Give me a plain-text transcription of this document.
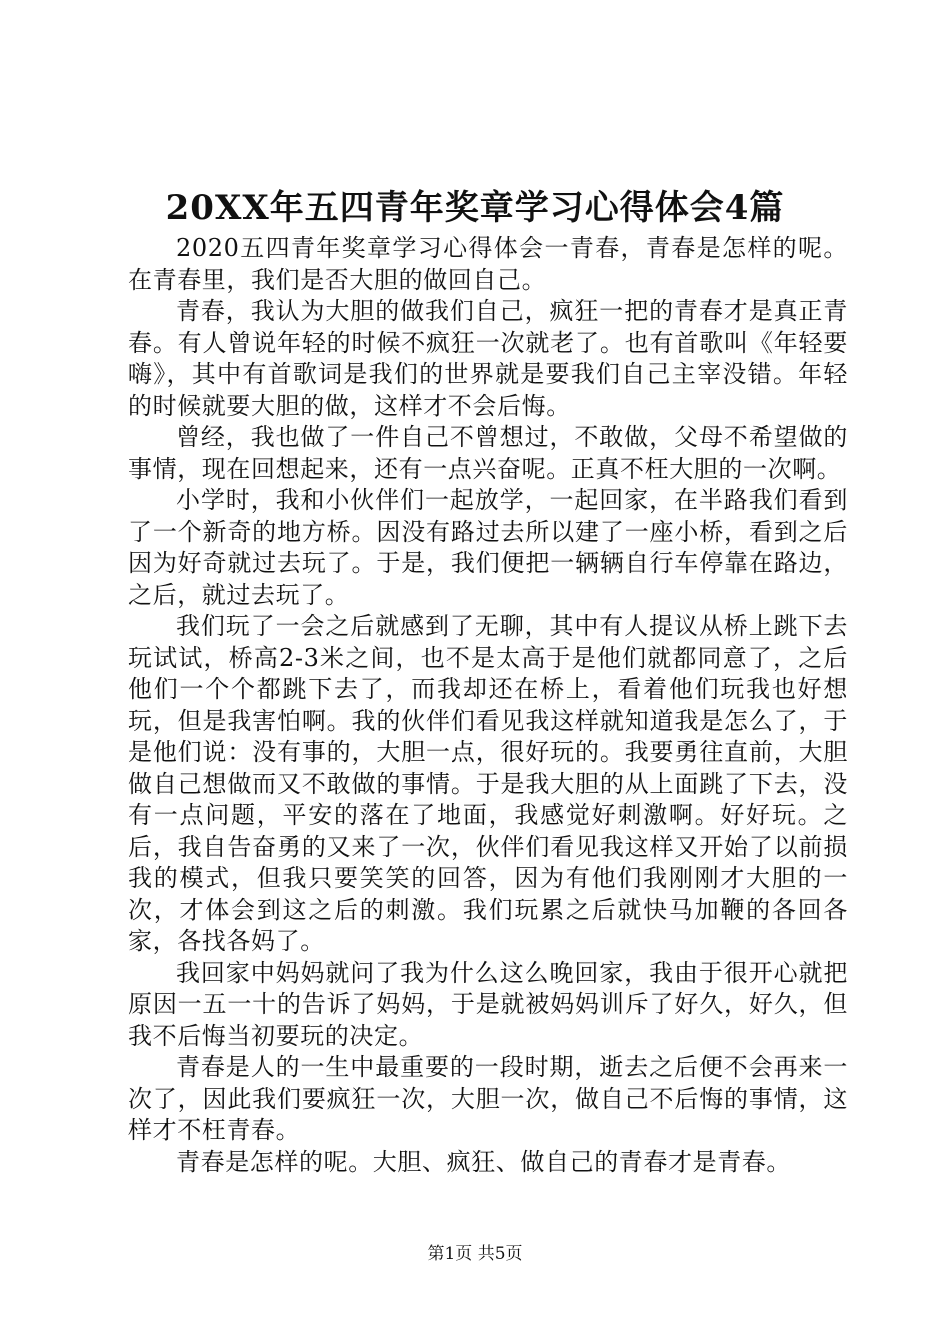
20XX年五四青年奖章学习心得体会4篇

2020五四青年奖章学习心得体会一青春，青春是怎样的呢。在青春里，我们是否大胆的做回自己。

青春，我认为大胆的做我们自己，疯狂一把的青春才是真正青春。有人曾说年轻的时候不疯狂一次就老了。也有首歌叫《年轻要嗨》，其中有首歌词是我们的世界就是要我们自己主宰没错。年轻的时候就要大胆的做，这样才不会后悔。

曾经，我也做了一件自己不曾想过，不敢做，父母不希望做的事情，现在回想起来，还有一点兴奋呢。正真不枉大胆的一次啊。

小学时，我和小伙伴们一起放学，一起回家，在半路我们看到了一个新奇的地方桥。因没有路过去所以建了一座小桥，看到之后因为好奇就过去玩了。于是，我们便把一辆辆自行车停靠在路边，之后，就过去玩了。

我们玩了一会之后就感到了无聊，其中有人提议从桥上跳下去玩试试，桥高2-3米之间，也不是太高于是他们就都同意了，之后他们一个个都跳下去了，而我却还在桥上，看着他们玩我也好想玩，但是我害怕啊。我的伙伴们看见我这样就知道我是怎么了，于是他们说：没有事的，大胆一点，很好玩的。我要勇往直前，大胆做自己想做而又不敢做的事情。于是我大胆的从上面跳了下去，没有一点问题，平安的落在了地面，我感觉好刺激啊。好好玩。之后，我自告奋勇的又来了一次，伙伴们看见我这样又开始了以前损我的模式，但我只要笑笑的回答，因为有他们我刚刚才大胆的一次，才体会到这之后的刺激。我们玩累之后就快马加鞭的各回各家，各找各妈了。

我回家中妈妈就问了我为什么这么晚回家，我由于很开心就把原因一五一十的告诉了妈妈，于是就被妈妈训斥了好久，好久，但我不后悔当初要玩的决定。

青春是人的一生中最重要的一段时期，逝去之后便不会再来一次了，因此我们要疯狂一次，大胆一次，做自己不后悔的事情，这样才不枉青春。

青春是怎样的呢。大胆、疯狂、做自己的青春才是青春。

第1页 共5页
